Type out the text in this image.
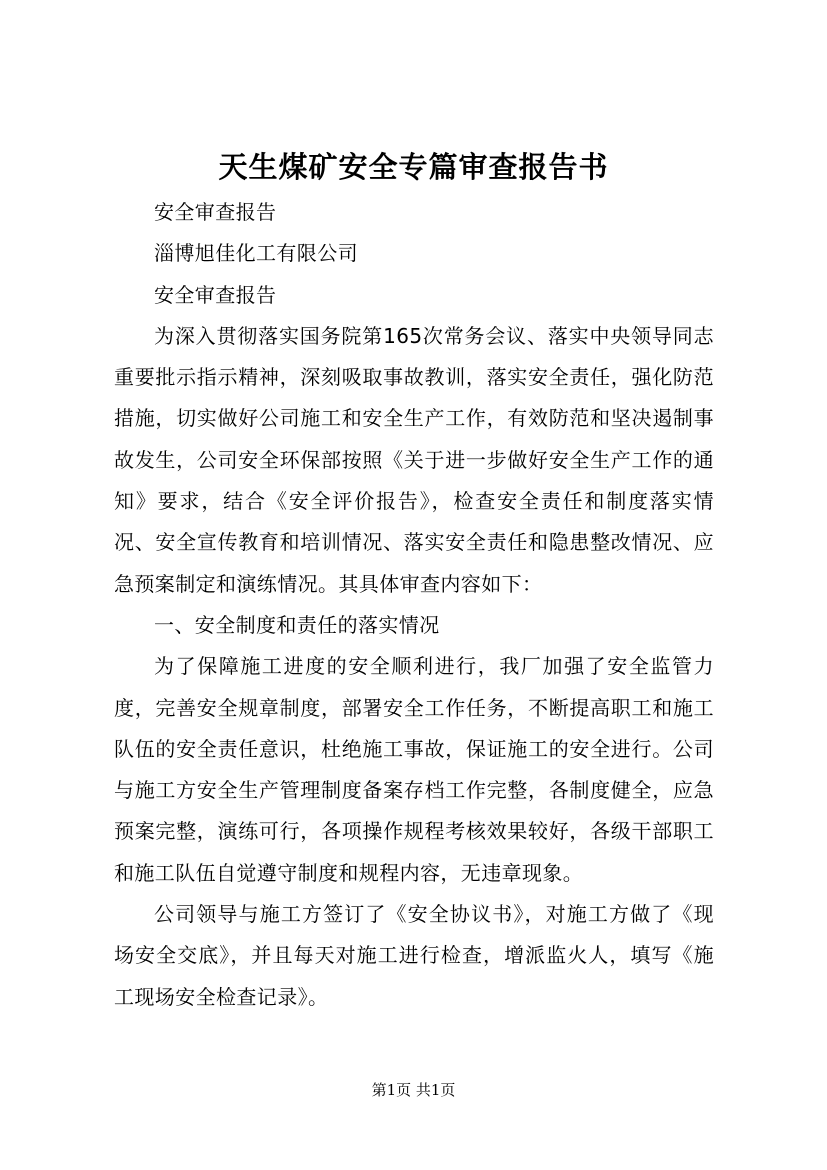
天生煤矿安全专篇审查报告书

安全审查报告

淄博旭佳化工有限公司

安全审查报告

为深入贯彻落实国务院第165次常务会议、落实中央领导同志重要批示指示精神，深刻吸取事故教训，落实安全责任，强化防范措施，切实做好公司施工和安全生产工作，有效防范和坚决遏制事故发生，公司安全环保部按照《关于进一步做好安全生产工作的通知》要求，结合《安全评价报告》，检查安全责任和制度落实情况、安全宣传教育和培训情况、落实安全责任和隐患整改情况、应急预案制定和演练情况。其具体审查内容如下：

一、安全制度和责任的落实情况

为了保障施工进度的安全顺利进行，我厂加强了安全监管力度，完善安全规章制度，部署安全工作任务，不断提高职工和施工队伍的安全责任意识，杜绝施工事故，保证施工的安全进行。公司与施工方安全生产管理制度备案存档工作完整，各制度健全，应急预案完整，演练可行，各项操作规程考核效果较好，各级干部职工和施工队伍自觉遵守制度和规程内容，无违章现象。

公司领导与施工方签订了《安全协议书》，对施工方做了《现场安全交底》，并且每天对施工进行检查，增派监火人，填写《施工现场安全检查记录》。

第1页 共1页
